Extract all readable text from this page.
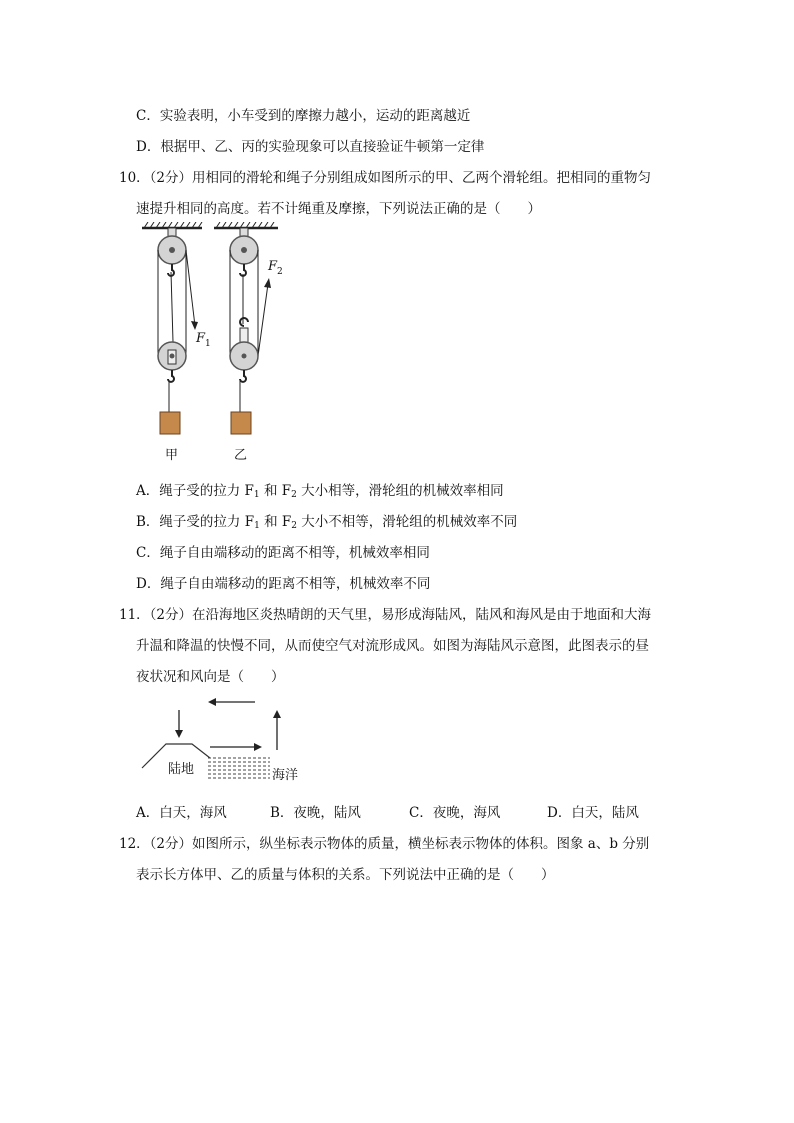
C．实验表明，小车受到的摩擦力越小，运动的距离越近
D．根据甲、乙、丙的实验现象可以直接验证牛顿第一定律
10．（2分）用相同的滑轮和绳子分别组成如图所示的甲、乙两个滑轮组。把相同的重物匀
速提升相同的高度。若不计绳重及摩擦，下列说法正确的是（　　）
$F_1$
$F_2$
甲	乙
A．绳子受的拉力 $F_1$ 和 $F_2$ 大小相等，滑轮组的机械效率相同
B．绳子受的拉力 $F_1$ 和 $F_2$ 大小不相等，滑轮组的机械效率不同
C．绳子自由端移动的距离不相等，机械效率相同
D．绳子自由端移动的距离不相等，机械效率不同
11．（2分）在沿海地区炎热晴朗的天气里，易形成海陆风，陆风和海风是由于地面和大海
升温和降温的快慢不同，从而使空气对流形成风。如图为海陆风示意图，此图表示的昼
夜状况和风向是（　　）
陆地	海洋
A．白天，海风	B．夜晚，陆风	C．夜晚，海风	D．白天，陆风
12．（2分）如图所示，纵坐标表示物体的质量，横坐标表示物体的体积。图象 a、b 分别
表示长方体甲、乙的质量与体积的关系。下列说法中正确的是（　　）
